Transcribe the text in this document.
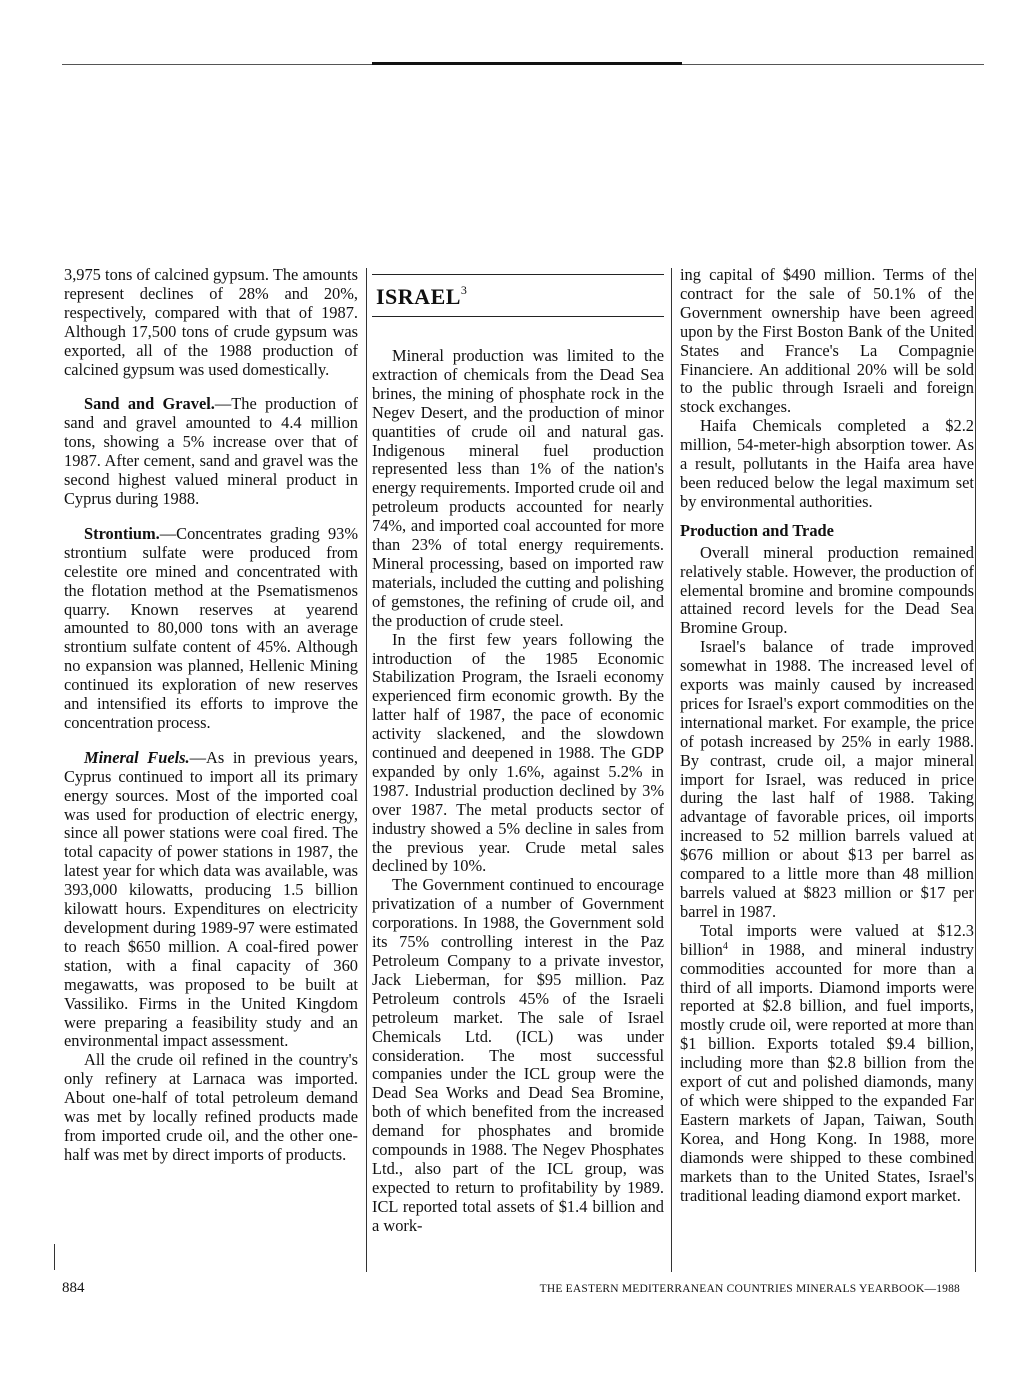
3,975 tons of calcined gypsum. The amounts represent declines of 28% and 20%, respectively, compared with that of 1987. Although 17,500 tons of crude gypsum was exported, all of the 1988 production of calcined gypsum was used domestically.

Sand and Gravel.—The production of sand and gravel amounted to 4.4 million tons, showing a 5% increase over that of 1987. After cement, sand and gravel was the second highest valued mineral product in Cyprus during 1988.

Strontium.—Concentrates grading 93% strontium sulfate were produced from celestite ore mined and concentrated with the flotation method at the Psematismenos quarry. Known reserves at yearend amounted to 80,000 tons with an average strontium sulfate content of 45%. Although no expansion was planned, Hellenic Mining continued its exploration of new reserves and intensified its efforts to improve the concentration process.

Mineral Fuels.—As in previous years, Cyprus continued to import all its primary energy sources. Most of the imported coal was used for production of electric energy, since all power stations were coal fired. The total capacity of power stations in 1987, the latest year for which data was available, was 393,000 kilowatts, producing 1.5 billion kilowatt hours. Expenditures on electricity development during 1989-97 were estimated to reach $650 million. A coal-fired power station, with a final capacity of 360 megawatts, was proposed to be built at Vassiliko. Firms in the United Kingdom were preparing a feasibility study and an environmental impact assessment.

All the crude oil refined in the country's only refinery at Larnaca was imported. About one-half of total petroleum demand was met by locally refined products made from imported crude oil, and the other one-half was met by direct imports of products.

ISRAEL$^3$

Mineral production was limited to the extraction of chemicals from the Dead Sea brines, the mining of phosphate rock in the Negev Desert, and the production of minor quantities of crude oil and natural gas. Indigenous mineral fuel production represented less than 1% of the nation's energy requirements. Imported crude oil and petroleum products accounted for nearly 74%, and imported coal accounted for more than 23% of total energy requirements. Mineral processing, based on imported raw materials, included the cutting and polishing of gemstones, the refining of crude oil, and the production of crude steel.

In the first few years following the introduction of the 1985 Economic Stabilization Program, the Israeli economy experienced firm economic growth. By the latter half of 1987, the pace of economic activity slackened, and the slowdown continued and deepened in 1988. The GDP expanded by only 1.6%, against 5.2% in 1987. Industrial production declined by 3% over 1987. The metal products sector of industry showed a 5% decline in sales from the previous year. Crude metal sales declined by 10%.

The Government continued to encourage privatization of a number of Government corporations. In 1988, the Government sold its 75% controlling interest in the Paz Petroleum Company to a private investor, Jack Lieberman, for $95 million. Paz Petroleum controls 45% of the Israeli petroleum market. The sale of Israel Chemicals Ltd. (ICL) was under consideration. The most successful companies under the ICL group were the Dead Sea Works and Dead Sea Bromine, both of which benefited from the increased demand for phosphates and bromide compounds in 1988. The Negev Phosphates Ltd., also part of the ICL group, was expected to return to profitability by 1989. ICL reported total assets of $1.4 billion and a work-

ing capital of $490 million. Terms of the contract for the sale of 50.1% of the Government ownership have been agreed upon by the First Boston Bank of the United States and France's La Compagnie Financiere. An additional 20% will be sold to the public through Israeli and foreign stock exchanges.

Haifa Chemicals completed a $2.2 million, 54-meter-high absorption tower. As a result, pollutants in the Haifa area have been reduced below the legal maximum set by environmental authorities.

Production and Trade

Overall mineral production remained relatively stable. However, the production of elemental bromine and bromine compounds attained record levels for the Dead Sea Bromine Group.

Israel's balance of trade improved somewhat in 1988. The increased level of exports was mainly caused by increased prices for Israel's export commodities on the international market. For example, the price of potash increased by 25% in early 1988. By contrast, crude oil, a major mineral import for Israel, was reduced in price during the last half of 1988. Taking advantage of favorable prices, oil imports increased to 52 million barrels valued at $676 million or about $13 per barrel as compared to a little more than 48 million barrels valued at $823 million or $17 per barrel in 1987.

Total imports were valued at $12.3 billion$^4$ in 1988, and mineral industry commodities accounted for more than a third of all imports. Diamond imports were reported at $2.8 billion, and fuel imports, mostly crude oil, were reported at more than $1 billion. Exports totaled $9.4 billion, including more than $2.8 billion from the export of cut and polished diamonds, many of which were shipped to the expanded Far Eastern markets of Japan, Taiwan, South Korea, and Hong Kong. In 1988, more diamonds were shipped to these combined markets than to the United States, Israel's traditional leading diamond export market.

884	THE EASTERN MEDITERRANEAN COUNTRIES MINERALS YEARBOOK—1988
